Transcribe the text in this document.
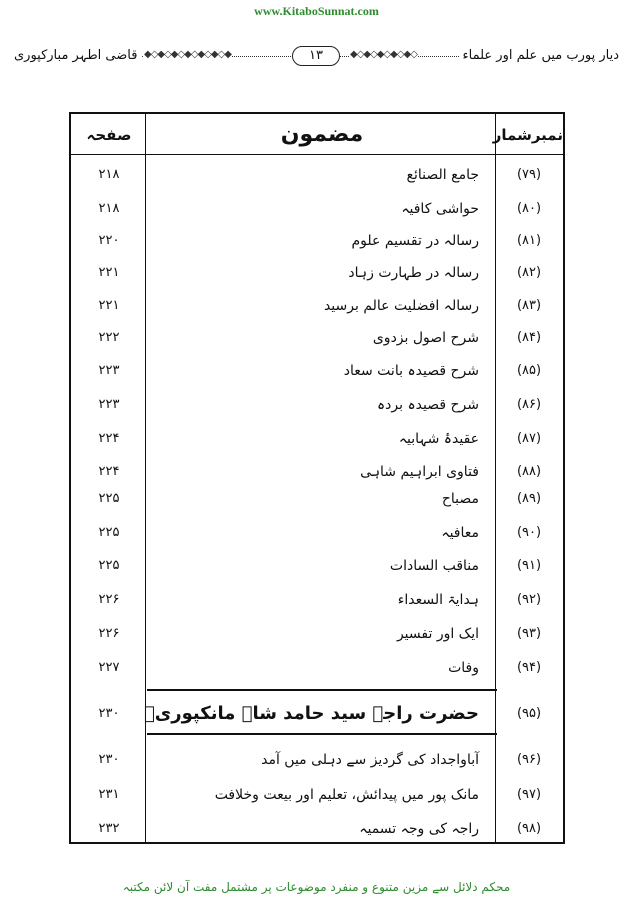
www.KitaboSunnat.com
دیار پورب میں علم اور علماء
◆◇◆◇◆◇◆◇◆◇◆◇◆	۱۳	◆◇◆◇◆◇◆◇◆◇
قاضی اطہر مبارکپوری
نمبرشمار
مضمون
صفحہ
(۷۹)
جامع الصنائع
۲۱۸
(۸۰)
حواشی کافیہ
۲۱۸
(۸۱)
رسالہ در تقسیم علوم
۲۲۰
(۸۲)
رسالہ در طہارت زہاد
۲۲۱
(۸۳)
رسالہ افضلیت عالم برسید
۲۲۱
(۸۴)
شرح اصول بزدوی
۲۲۲
(۸۵)
شرح قصیدہ بانت سعاد
۲۲۳
(۸۶)
شرح قصیدہ بردہ
۲۲۳
(۸۷)
عقیدۂ شہابیہ
۲۲۴
(۸۸)
فتاوی ابراہیم شاہی
۲۲۴
(۸۹)
مصباح
۲۲۵
(۹۰)
معافیہ
۲۲۵
(۹۱)
مناقب السادات
۲۲۵
(۹۲)
ہدایۃ السعداء
۲۲۶
(۹۳)
ایک اور تفسیر
۲۲۶
(۹۴)
وفات
۲۲۷
(۹۵)
حضرت راجہ سید حامد شاہ مانکپوریؒ
۲۳۰
(۹۶)
آباواجداد کی گردیز سے دہلی میں آمد
۲۳۰
(۹۷)
مانک پور میں پیدائش، تعلیم اور بیعت وخلافت
۲۳۱
(۹۸)
راجہ کی وجہ تسمیہ
۲۳۲
محکم دلائل سے مزین متنوع و منفرد موضوعات پر مشتمل مفت آن لائن مکتبہ
